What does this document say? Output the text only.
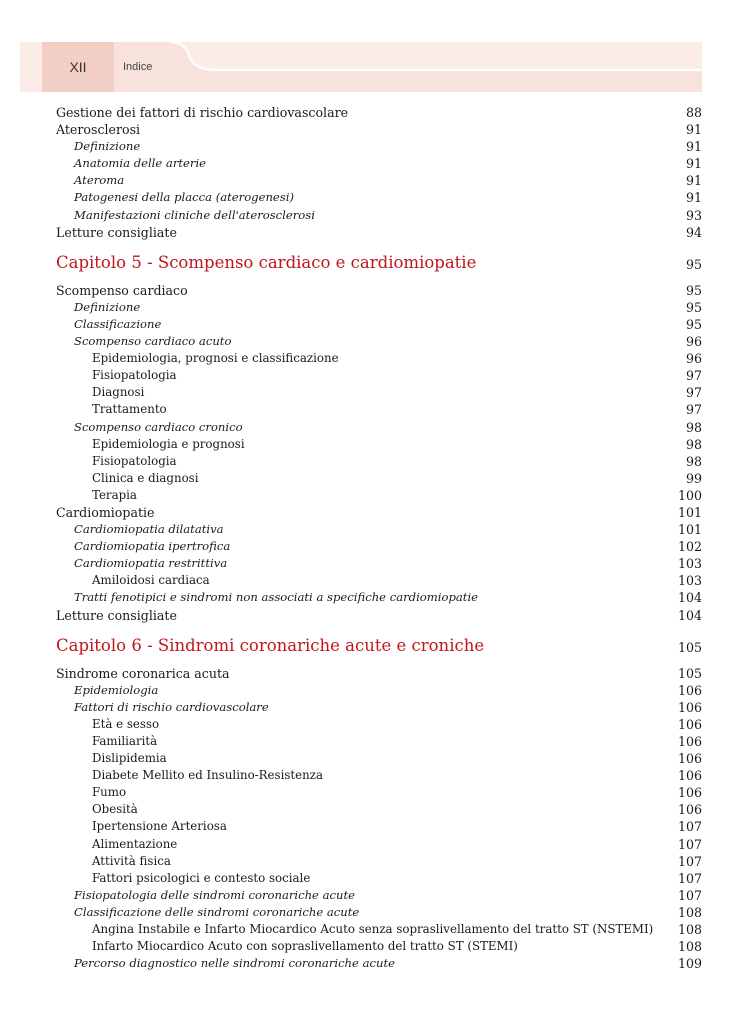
XII	Indice
Gestione dei fattori di rischio cardiovascolare	88
Aterosclerosi	91
Definizione	91
Anatomia delle arterie	91
Ateroma	91
Patogenesi della placca (aterogenesi)	91
Manifestazioni cliniche dell'aterosclerosi	93
Letture consigliate	94
Capitolo 5 - Scompenso cardiaco e cardiomiopatie	95
Scompenso cardiaco	95
Definizione	95
Classificazione	95
Scompenso cardiaco acuto	96
Epidemiologia, prognosi e classificazione	96
Fisiopatologia	97
Diagnosi	97
Trattamento	97
Scompenso cardiaco cronico	98
Epidemiologia e prognosi	98
Fisiopatologia	98
Clinica e diagnosi	99
Terapia	100
Cardiomiopatie	101
Cardiomiopatia dilatativa	101
Cardiomiopatia ipertrofica	102
Cardiomiopatia restrittiva	103
Amiloidosi cardiaca	103
Tratti fenotipici e sindromi non associati a specifiche cardiomiopatie	104
Letture consigliate	104
Capitolo 6 - Sindromi coronariche acute e croniche	105
Sindrome coronarica acuta	105
Epidemiologia	106
Fattori di rischio cardiovascolare	106
Età e sesso	106
Familiarità	106
Dislipidemia	106
Diabete Mellito ed Insulino-Resistenza	106
Fumo	106
Obesità	106
Ipertensione Arteriosa	107
Alimentazione	107
Attività fisica	107
Fattori psicologici e contesto sociale	107
Fisiopatologia delle sindromi coronariche acute	107
Classificazione delle sindromi coronariche acute	108
Angina Instabile e Infarto Miocardico Acuto senza sopraslivellamento del tratto ST (NSTEMI) 108
Infarto Miocardico Acuto con sopraslivellamento del tratto ST (STEMI)	108
Percorso diagnostico nelle sindromi coronariche acute	109
